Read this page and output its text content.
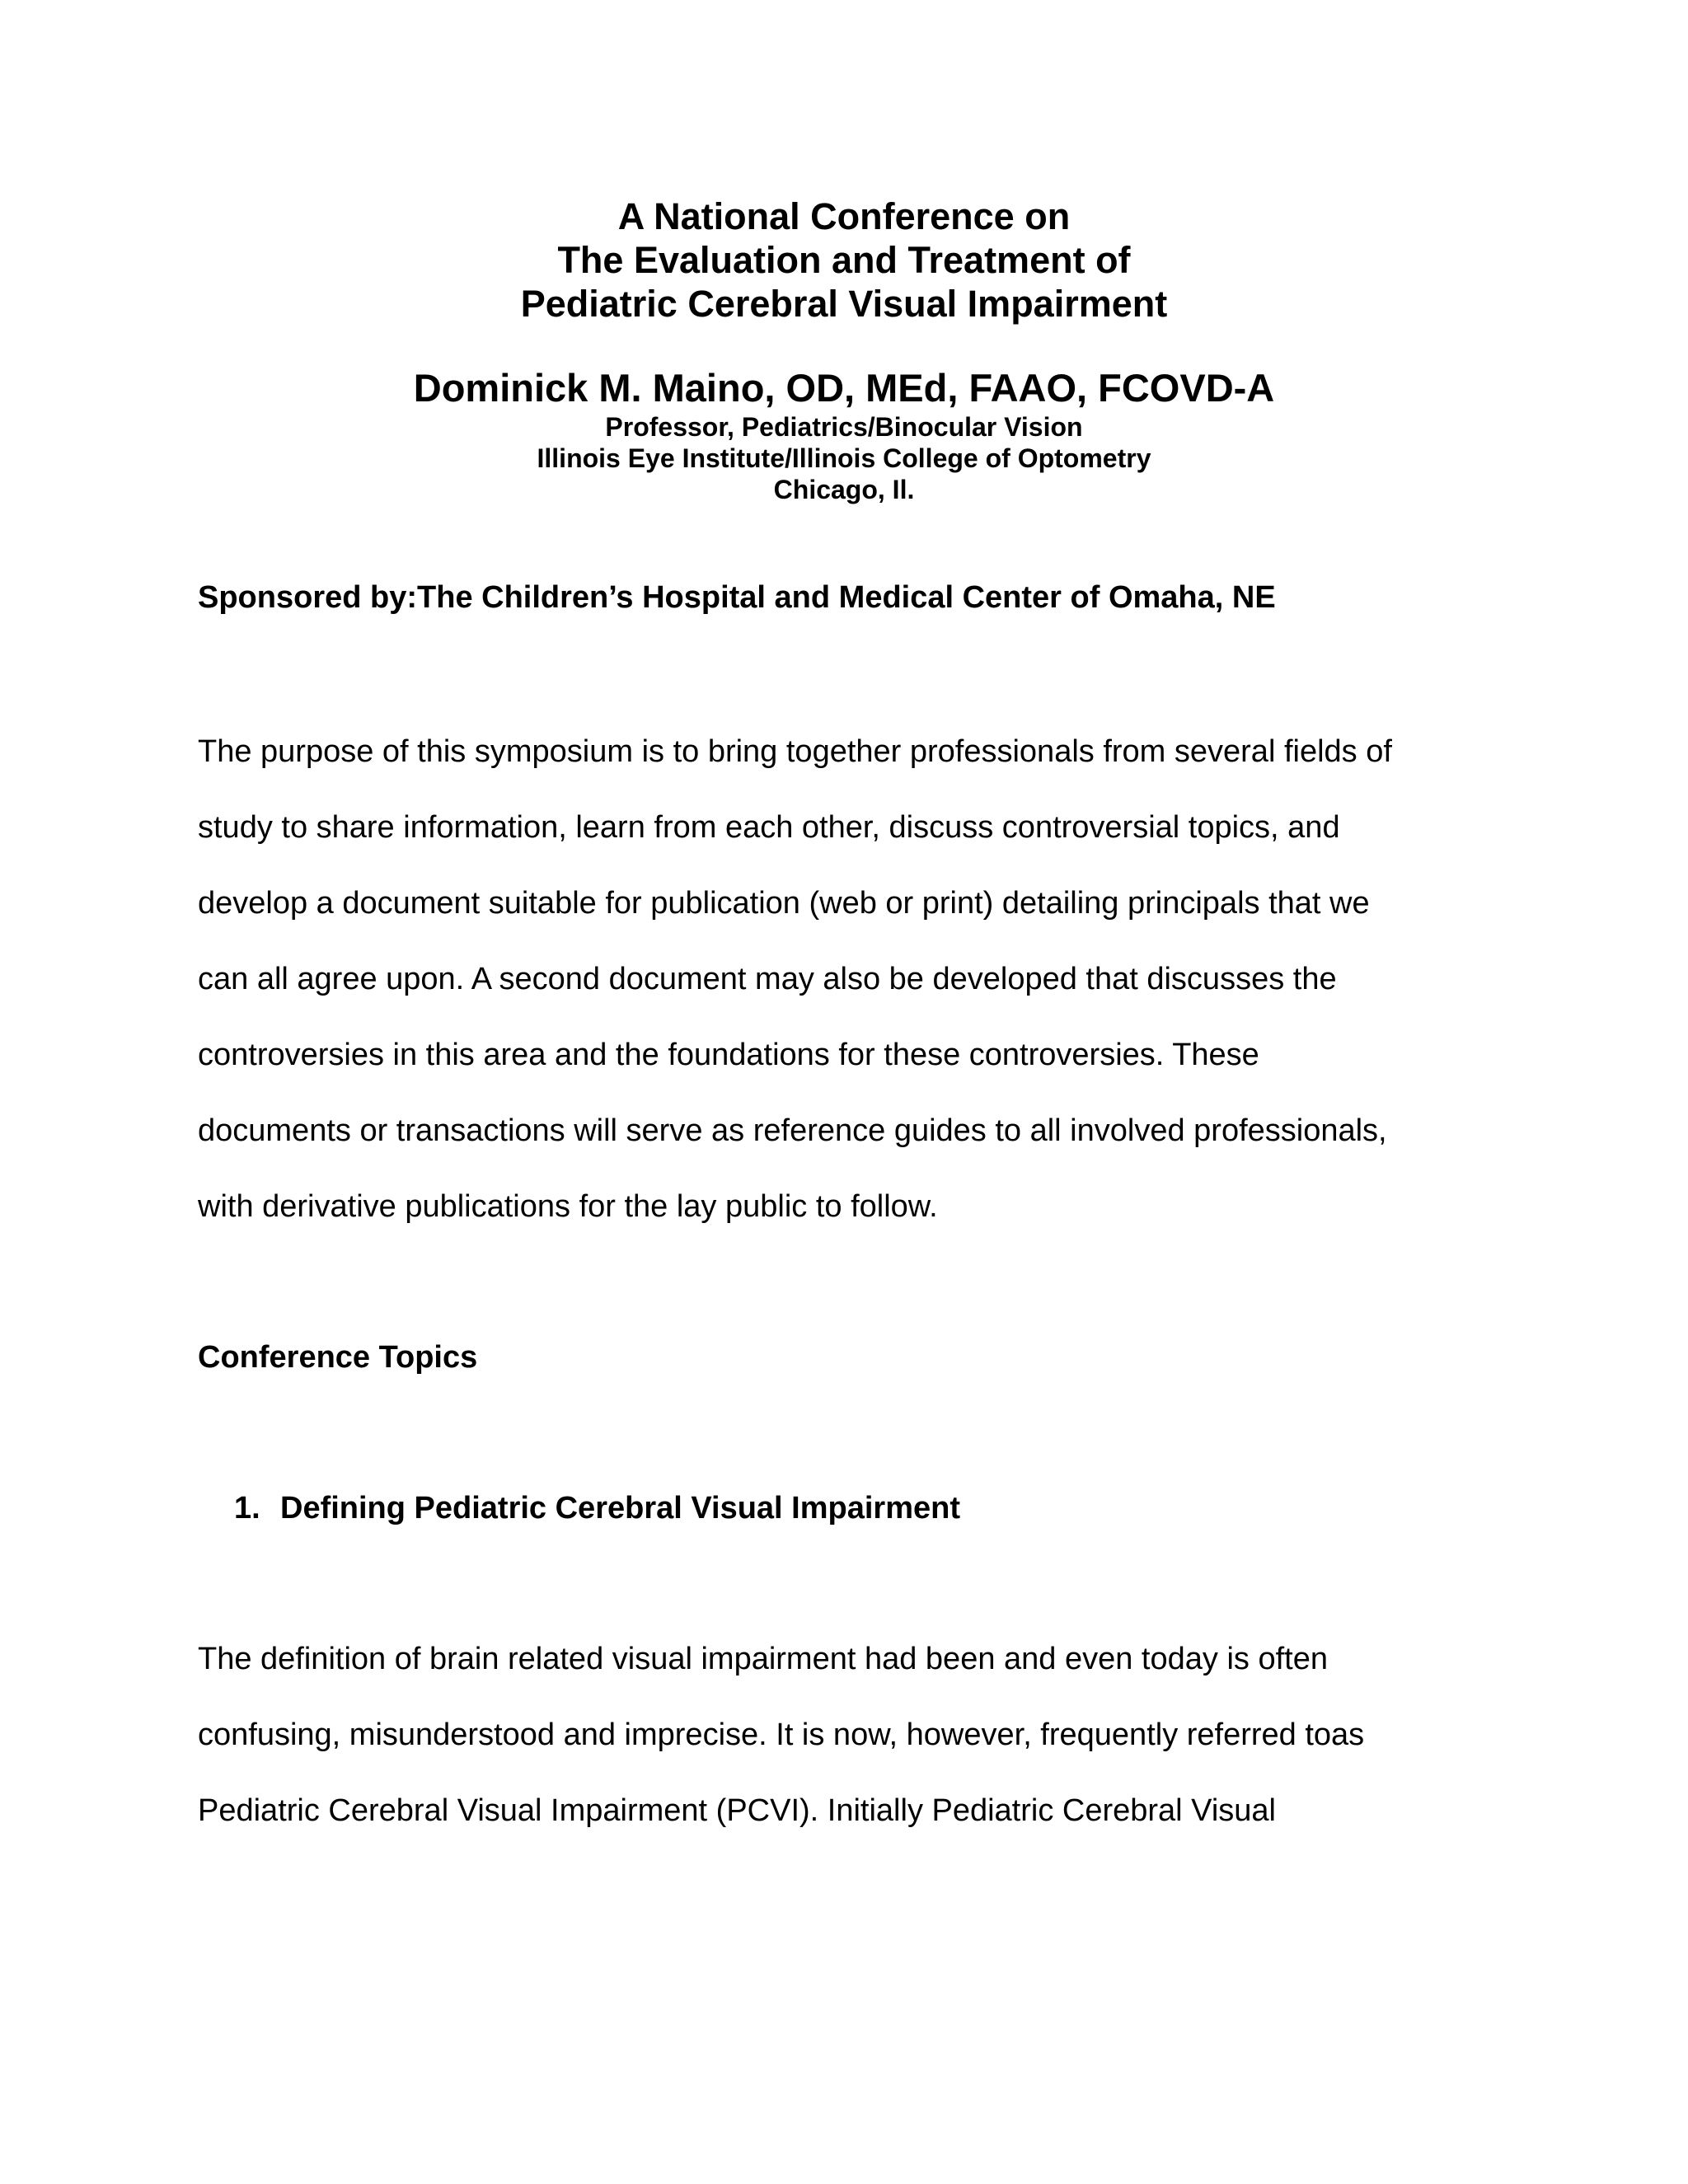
A National Conference on
The Evaluation and Treatment of
Pediatric Cerebral Visual Impairment
Dominick M. Maino, OD, MEd, FAAO, FCOVD-A
Professor, Pediatrics/Binocular Vision
Illinois Eye Institute/Illinois College of Optometry
Chicago, Il.
Sponsored by:The Children’s Hospital and Medical Center of Omaha, NE
The purpose of this symposium is to bring together professionals from several fields of
study to share information, learn from each other, discuss controversial topics, and
develop a document suitable for publication (web or print) detailing principals that we
can all agree upon. A second document may also be developed that discusses the
controversies in this area and the foundations for these controversies. These
documents or transactions will serve as reference guides to all involved professionals,
with derivative publications for the lay public to follow.
Conference Topics
1. Defining Pediatric Cerebral Visual Impairment
The definition of brain related visual impairment had been and even today is often
confusing, misunderstood and imprecise. It is now, however, frequently referred toas
Pediatric Cerebral Visual Impairment (PCVI). Initially Pediatric Cerebral Visual
